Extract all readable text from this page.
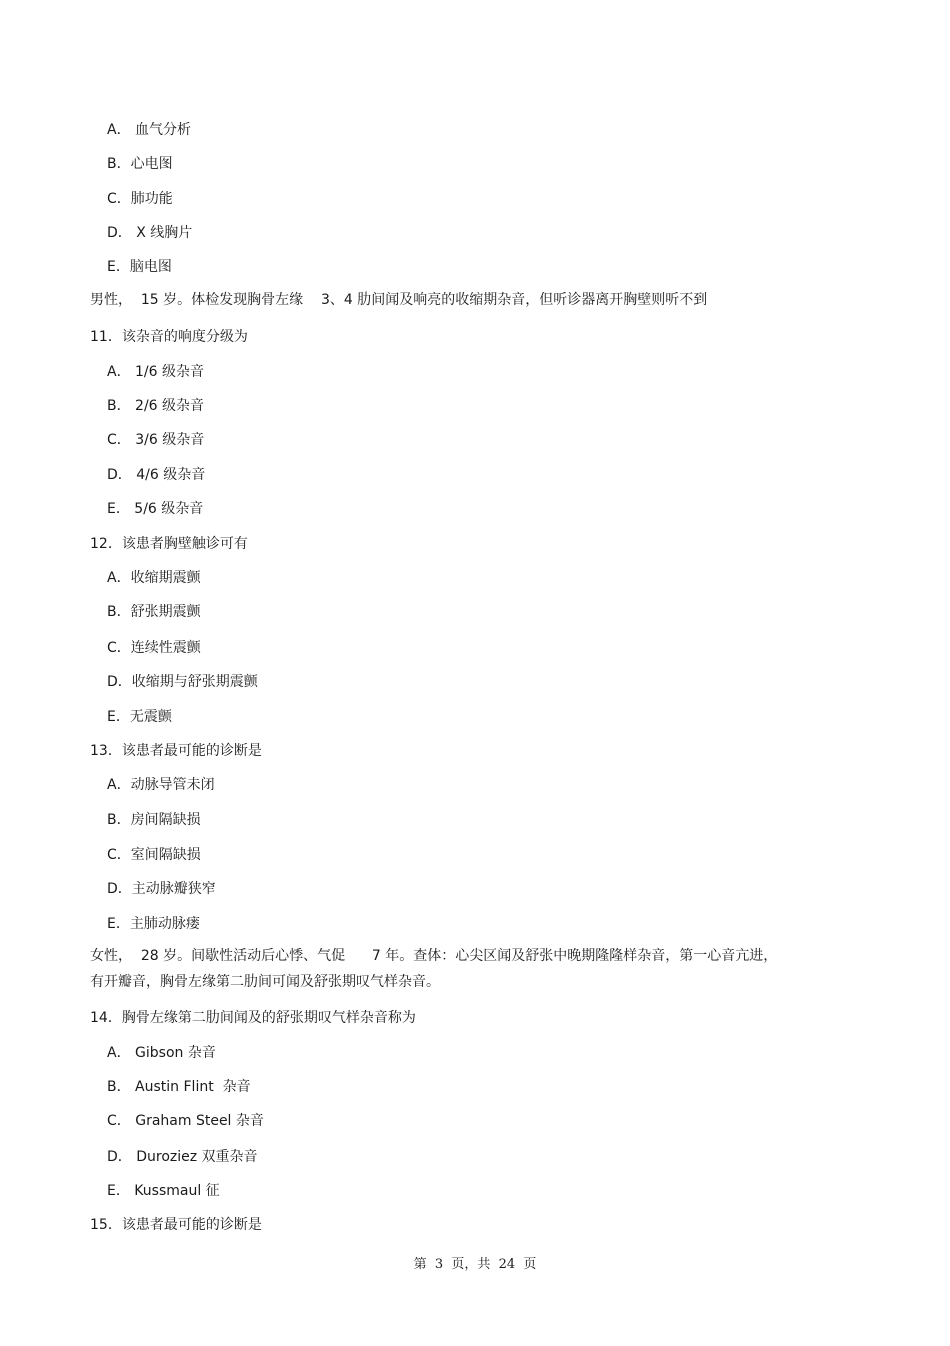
A． 血气分析
B．心电图
C．肺功能
D． X 线胸片
E．脑电图
男性，  15 岁。体检发现胸骨左缘    3、4 肋间闻及响亮的收缩期杂音，但听诊器离开胸壁则听不到
11．该杂音的响度分级为
A． 1/6 级杂音
B． 2/6 级杂音
C． 3/6 级杂音
D． 4/6 级杂音
E． 5/6 级杂音
12．该患者胸壁触诊可有
A．收缩期震颤
B．舒张期震颤
C．连续性震颤
D．收缩期与舒张期震颤
E．无震颤
13．该患者最可能的诊断是
A．动脉导管未闭
B．房间隔缺损
C．室间隔缺损
D．主动脉瓣狭窄
E．主肺动脉瘘
女性，  28 岁。间歇性活动后心悸、气促      7 年。查体：心尖区闻及舒张中晚期隆隆样杂音，第一心音亢进，
有开瓣音，胸骨左缘第二肋间可闻及舒张期叹气样杂音。
14．胸骨左缘第二肋间闻及的舒张期叹气样杂音称为
A． Gibson 杂音
B． Austin Flint  杂音
C． Graham Steel 杂音
D． Duroziez 双重杂音
E． Kussmaul 征
15．该患者最可能的诊断是
第  3  页，共  24  页
